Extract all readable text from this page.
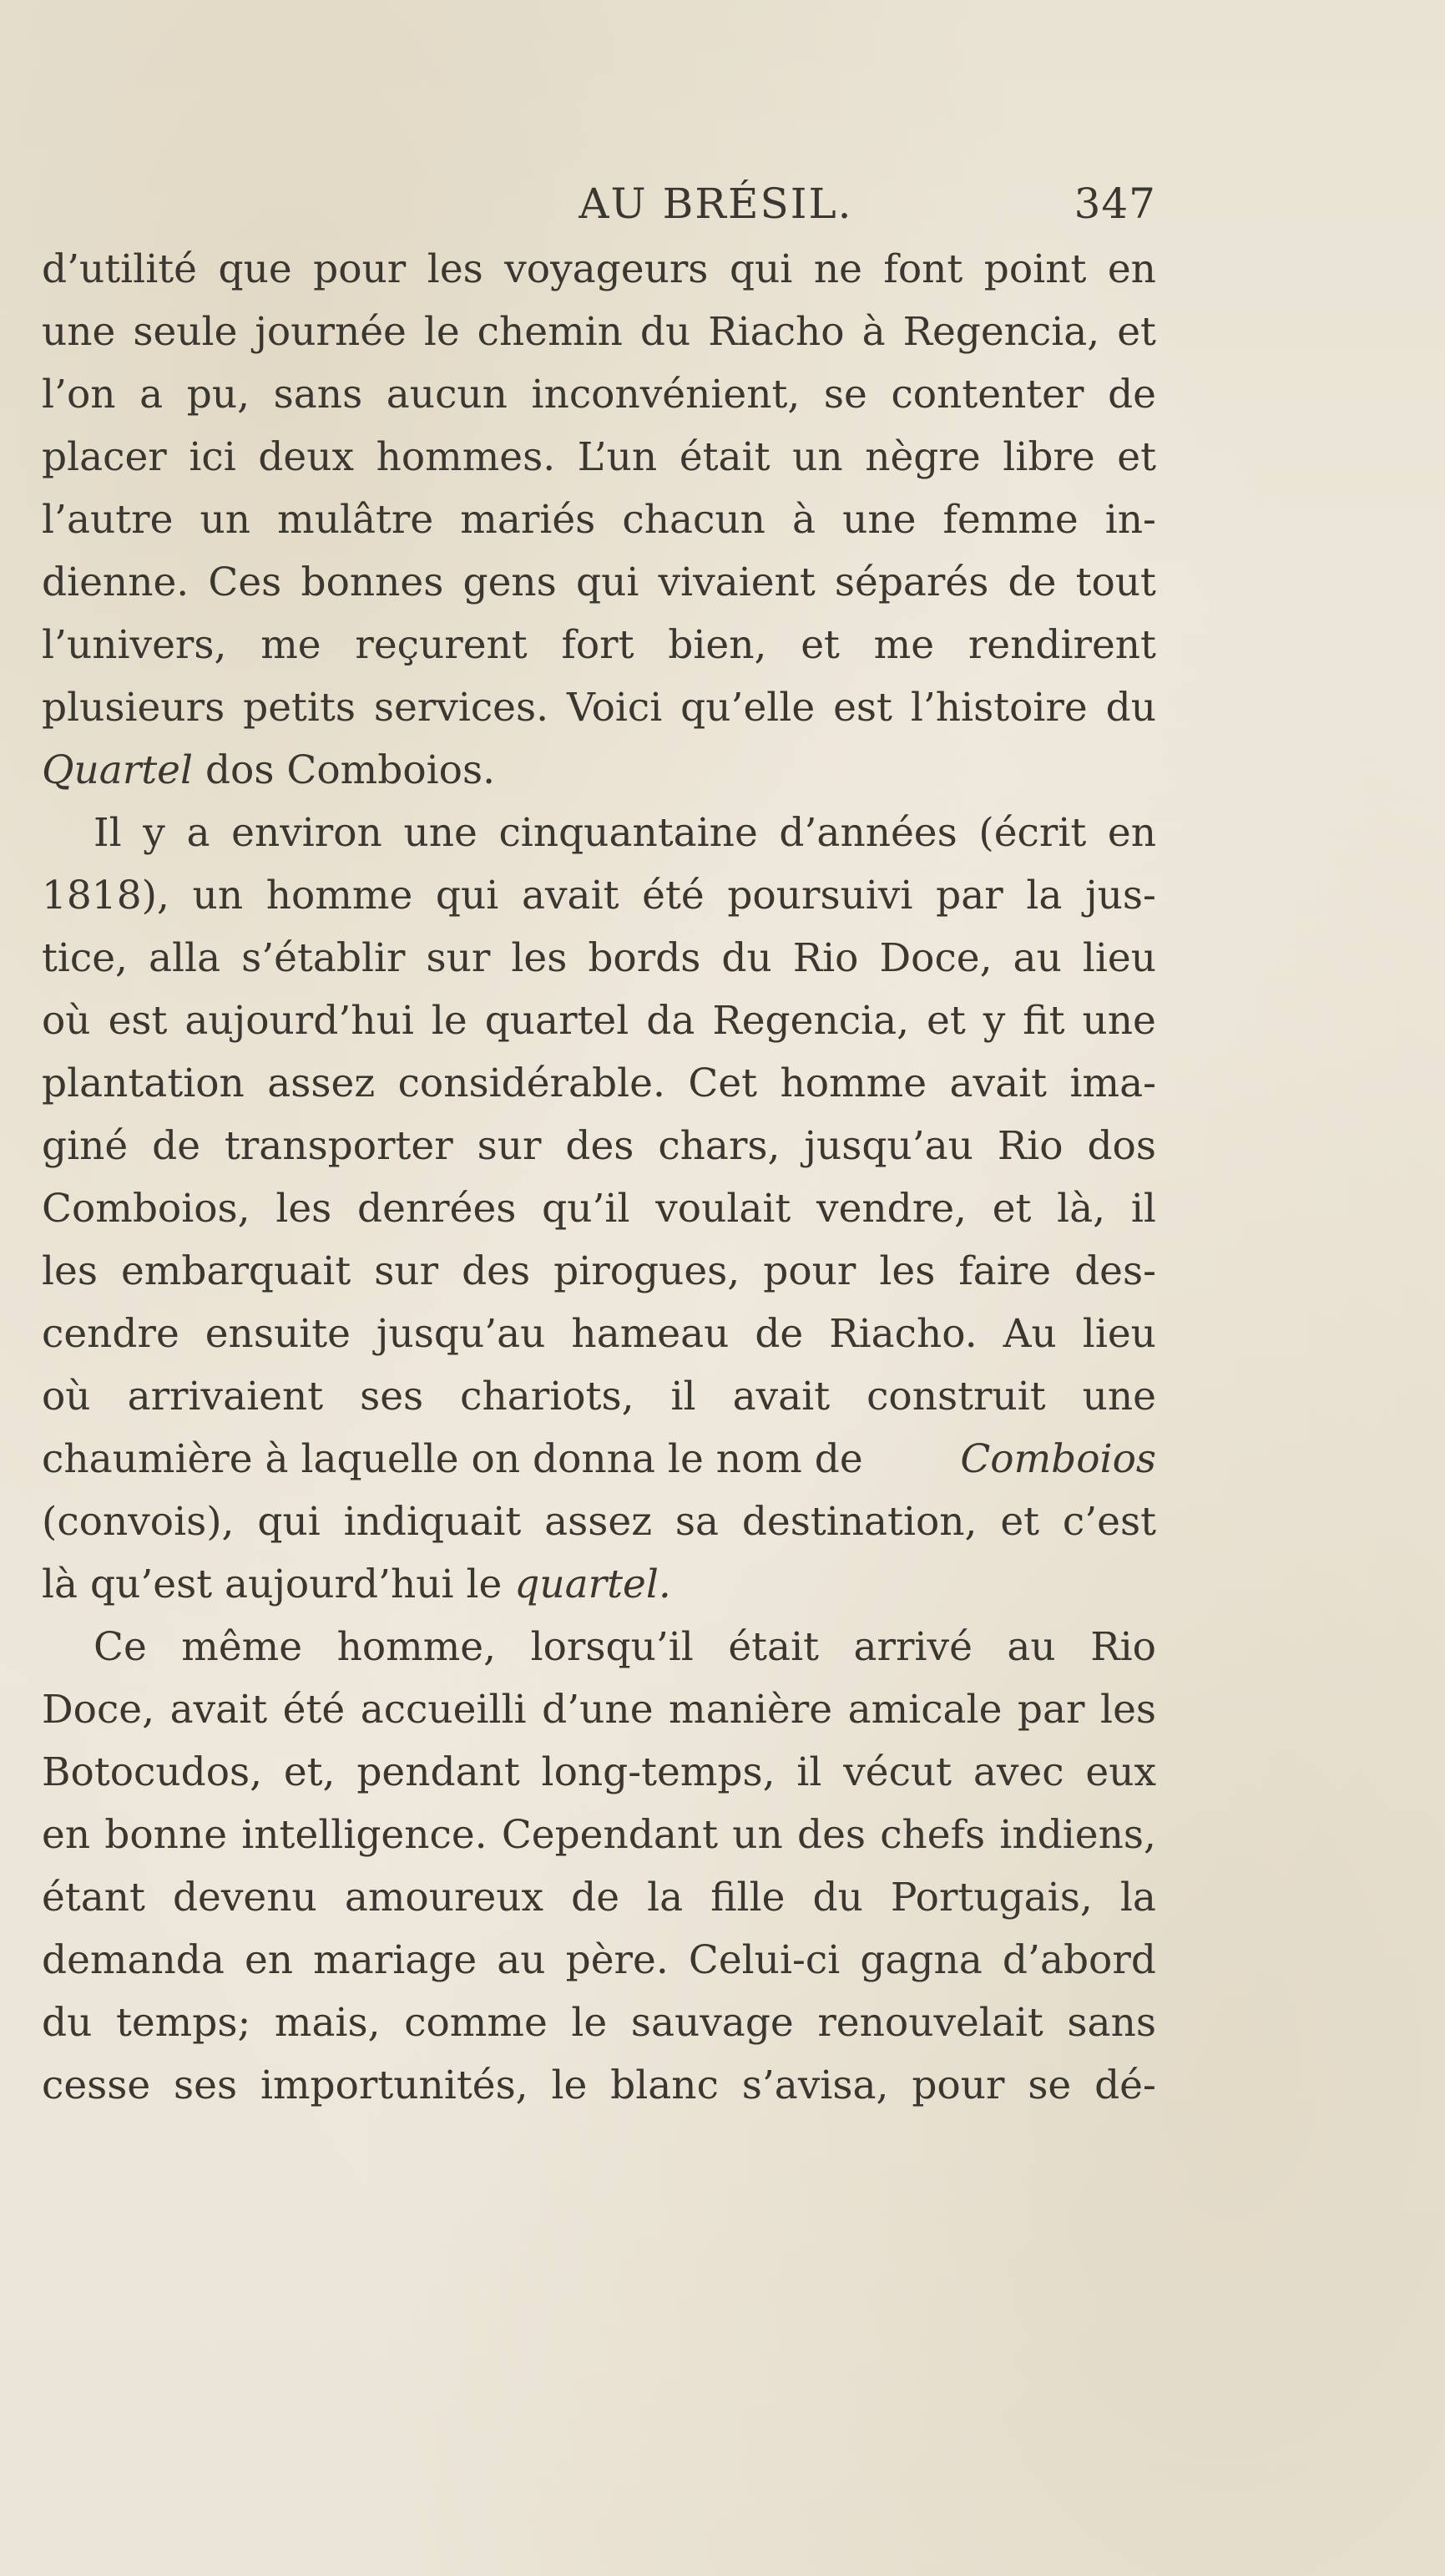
AU BRÉSIL.	347
d’utilité que pour les voyageurs qui ne font point en
une seule journée le chemin du Riacho à Regencia, et
l’on a pu, sans aucun inconvénient, se contenter de
placer ici deux hommes. L’un était un nègre libre et
l’autre un mulâtre mariés chacun à une femme in-
dienne. Ces bonnes gens qui vivaient séparés de tout
l’univers, me reçurent fort bien, et me rendirent
plusieurs petits services. Voici qu’elle est l’histoire du
Quartel dos Comboios.
Il y a environ une cinquantaine d’années (écrit en
1818), un homme qui avait été poursuivi par la jus-
tice, alla s’établir sur les bords du Rio Doce, au lieu
où est aujourd’hui le quartel da Regencia, et y fit une
plantation assez considérable. Cet homme avait ima-
giné de transporter sur des chars, jusqu’au Rio dos
Comboios, les denrées qu’il voulait vendre, et là, il
les embarquait sur des pirogues, pour les faire des-
cendre ensuite jusqu’au hameau de Riacho. Au lieu
où arrivaient ses chariots, il avait construit une
chaumière à laquelle on donna le nom de Comboios
(convois), qui indiquait assez sa destination, et c’est
là qu’est aujourd’hui le quartel.
Ce même homme, lorsqu’il était arrivé au Rio
Doce, avait été accueilli d’une manière amicale par les
Botocudos, et, pendant long-temps, il vécut avec eux
en bonne intelligence. Cependant un des chefs indiens,
étant devenu amoureux de la fille du Portugais, la
demanda en mariage au père. Celui-ci gagna d’abord
du temps; mais, comme le sauvage renouvelait sans
cesse ses importunités, le blanc s’avisa, pour se dé-
